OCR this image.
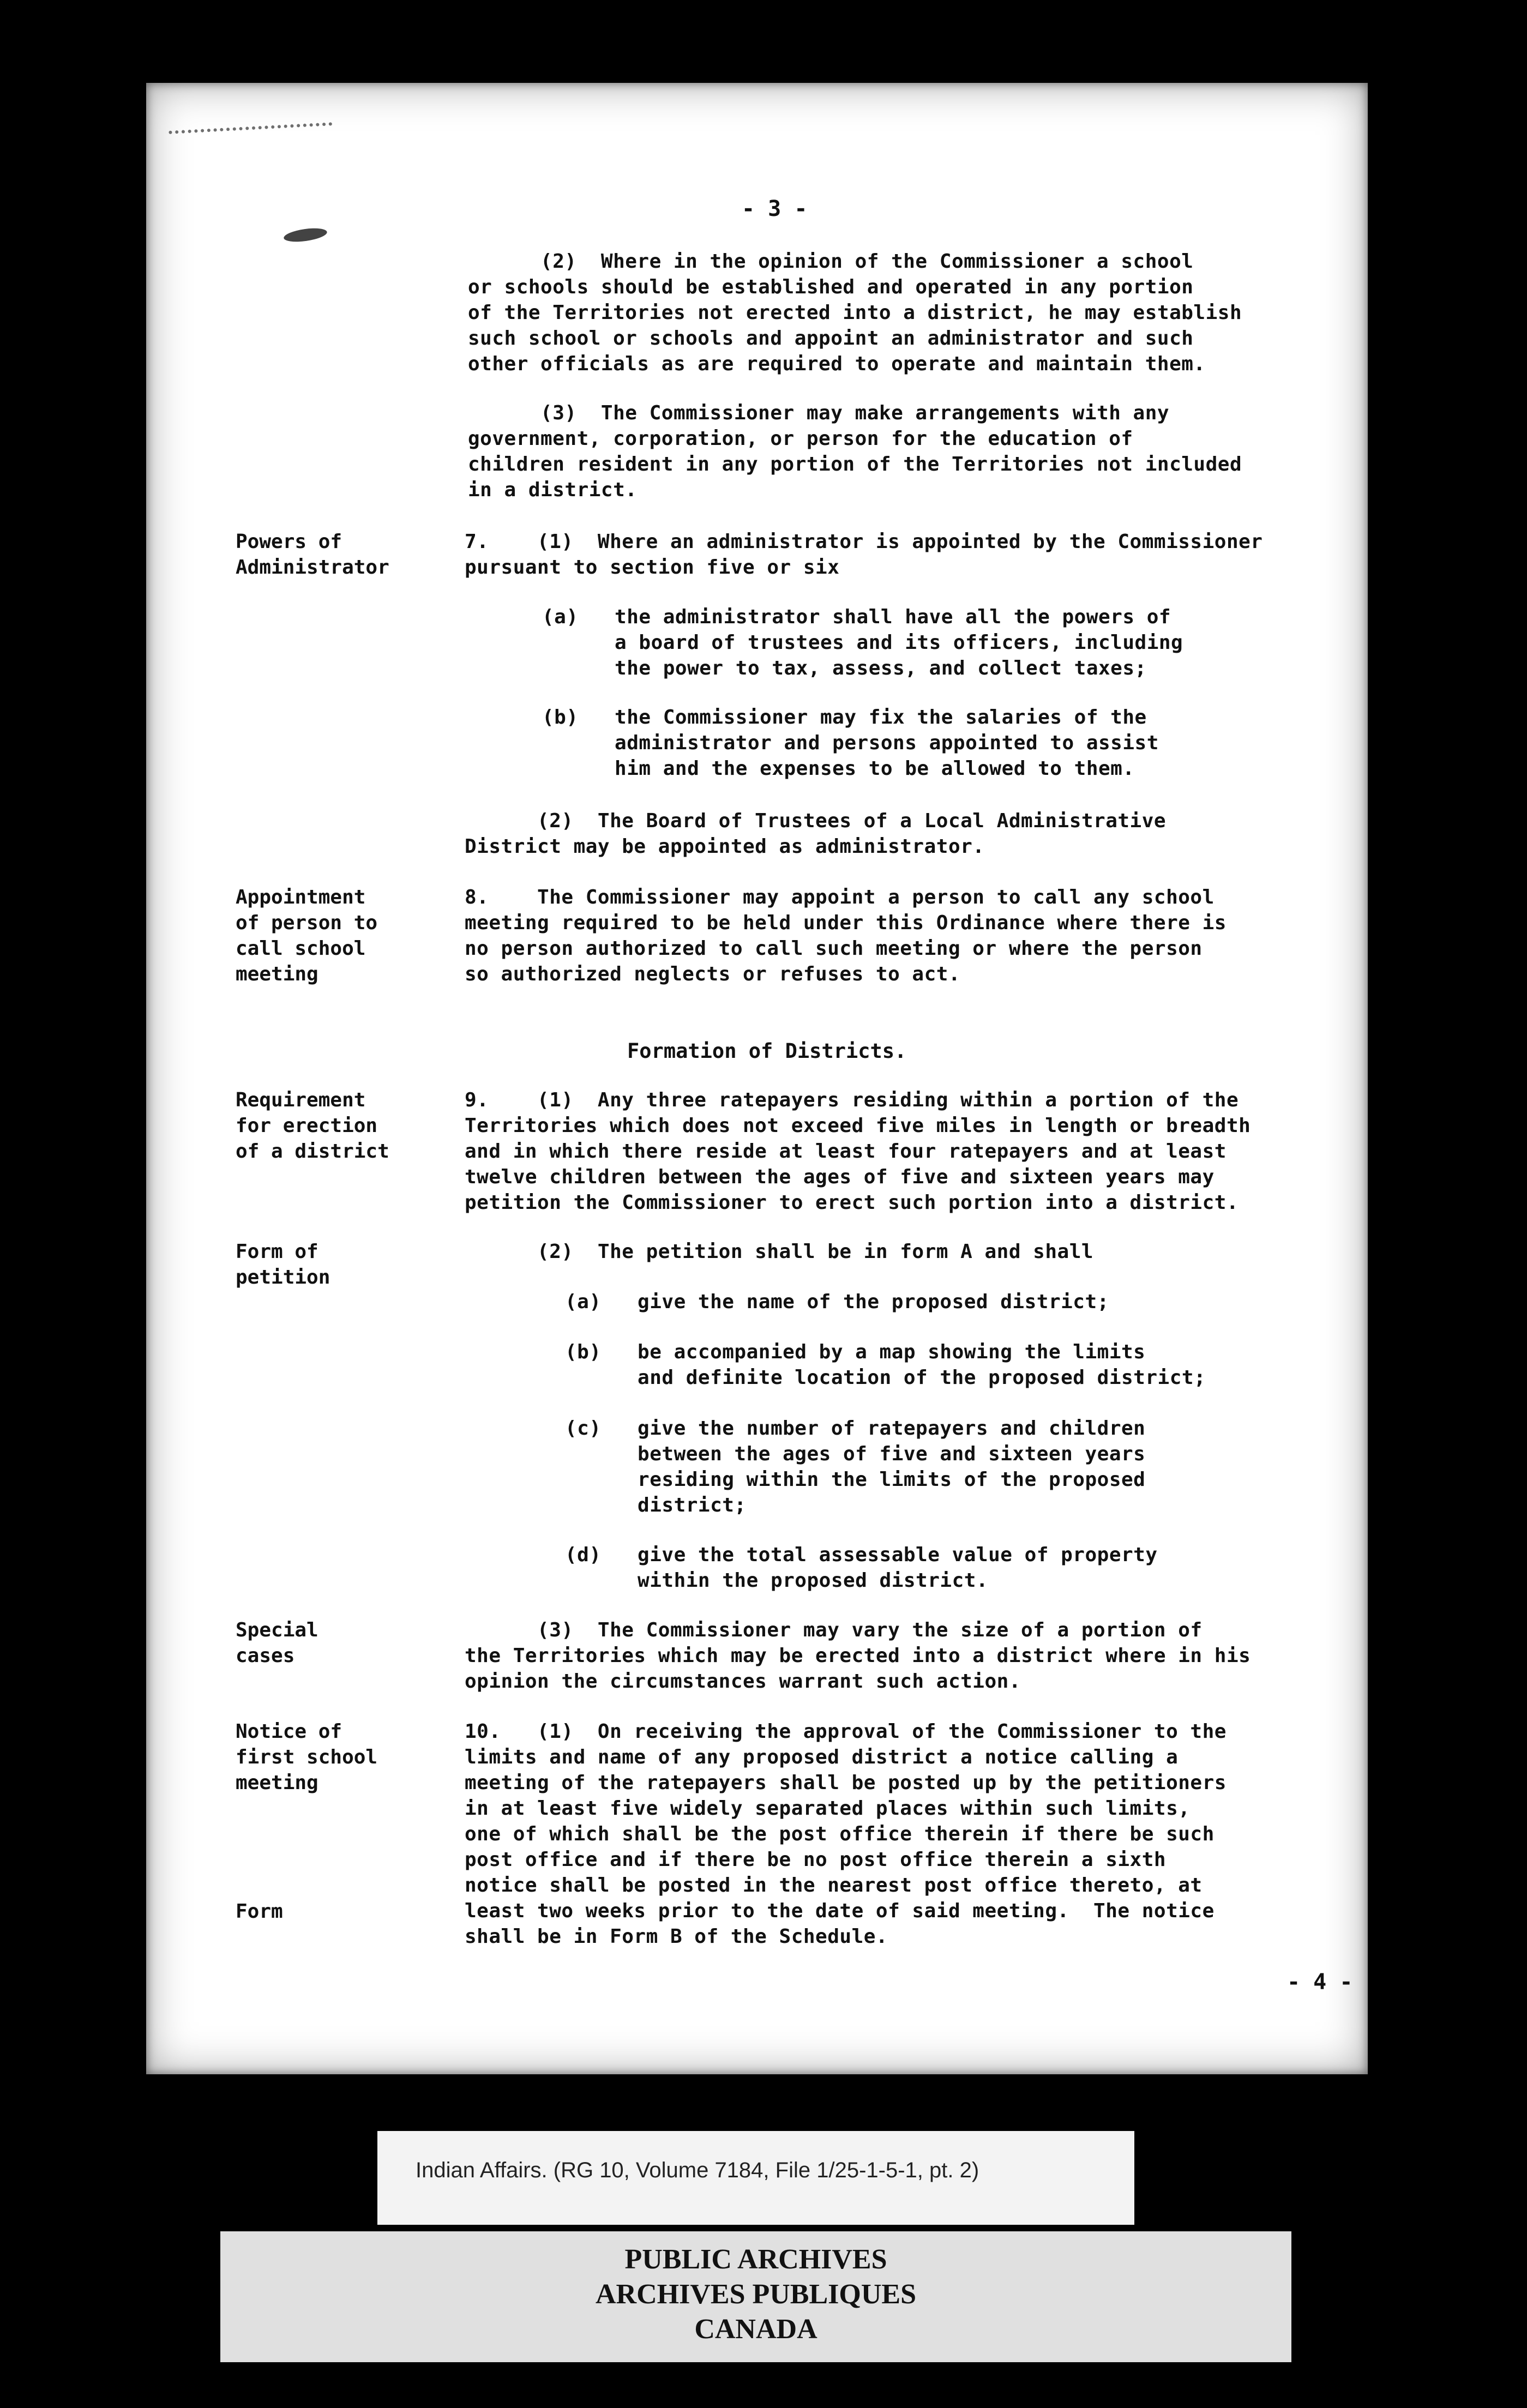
- 3 -
(2)  Where in the opinion of the Commissioner a school
or schools should be established and operated in any portion
of the Territories not erected into a district, he may establish
such school or schools and appoint an administrator and such
other officials as are required to operate and maintain them.
(3)  The Commissioner may make arrangements with any
government, corporation, or person for the education of
children resident in any portion of the Territories not included
in a district.
Powers of
Administrator
7.    (1)  Where an administrator is appointed by the Commissioner
pursuant to section five or six
(a)   the administrator shall have all the powers of
a board of trustees and its officers, including
the power to tax, assess, and collect taxes;
(b)   the Commissioner may fix the salaries of the
administrator and persons appointed to assist
him and the expenses to be allowed to them.
(2)  The Board of Trustees of a Local Administrative
District may be appointed as administrator.
Appointment
of person to
call school
meeting
8.    The Commissioner may appoint a person to call any school
meeting required to be held under this Ordinance where there is
no person authorized to call such meeting or where the person
so authorized neglects or refuses to act.
Formation of Districts.
Requirement
for erection
of a district
9.    (1)  Any three ratepayers residing within a portion of the
Territories which does not exceed five miles in length or breadth
and in which there reside at least four ratepayers and at least
twelve children between the ages of five and sixteen years may
petition the Commissioner to erect such portion into a district.
Form of
petition
(2)  The petition shall be in form A and shall
(a)   give the name of the proposed district;
(b)   be accompanied by a map showing the limits
and definite location of the proposed district;
(c)   give the number of ratepayers and children
between the ages of five and sixteen years
residing within the limits of the proposed
district;
(d)   give the total assessable value of property
within the proposed district.
Special
cases
(3)  The Commissioner may vary the size of a portion of
the Territories which may be erected into a district where in his
opinion the circumstances warrant such action.
Notice of
first school
meeting
10.   (1)  On receiving the approval of the Commissioner to the
limits and name of any proposed district a notice calling a
meeting of the ratepayers shall be posted up by the petitioners
in at least five widely separated places within such limits,
one of which shall be the post office therein if there be such
post office and if there be no post office therein a sixth
notice shall be posted in the nearest post office thereto, at
least two weeks prior to the date of said meeting.  The notice
shall be in Form B of the Schedule.
Form
- 4 -
Indian Affairs. (RG 10, Volume 7184, File 1/25-1-5-1, pt. 2)
PUBLIC ARCHIVES
ARCHIVES PUBLIQUES
CANADA
